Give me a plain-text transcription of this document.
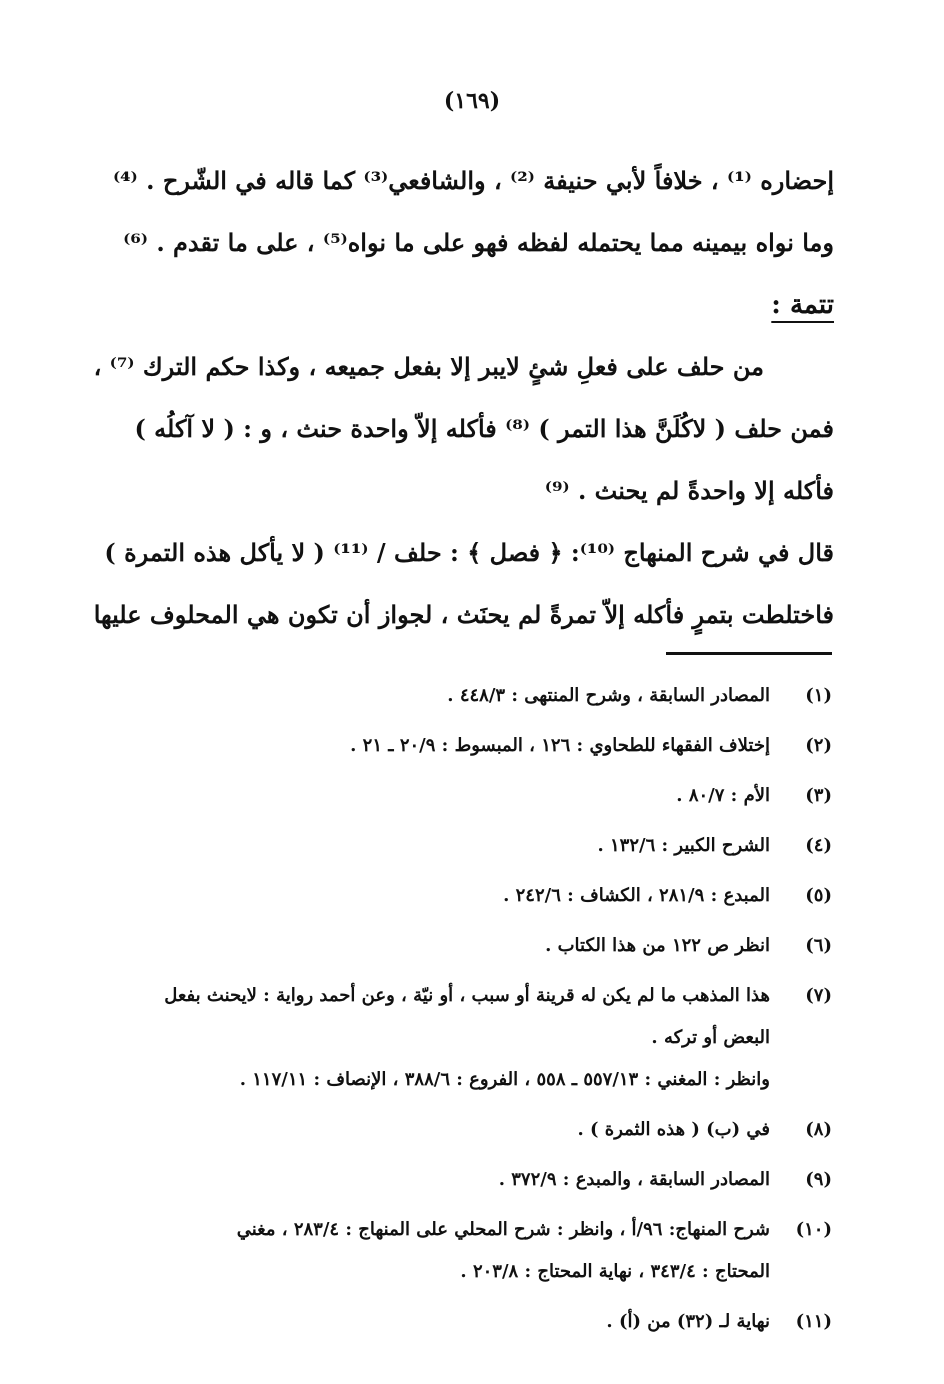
(١٦٩)
إحضاره ⁽¹⁾ ، خلافاً لأبي حنيفة ⁽²⁾ ، والشافعي⁽³⁾ كما قاله في الشّرح . ⁽⁴⁾
وما نواه بيمينه مما يحتمله لفظه فهو على ما نواه⁽⁵⁾ ، على ما تقدم . ⁽⁶⁾
تتمة :
من حلف على فعلِ شئٍ لايبر إلا بفعل جميعه ، وكذا حكم الترك ⁽⁷⁾ ،
فمن حلف ( لاكُلَنَّ هذا التمر ) ⁽⁸⁾ فأكله إلاّ واحدة حنث ، و : ( لا آكلُه )
فأكله إلا واحدةً لم يحنث . ⁽⁹⁾
قال في شرح المنهاج ⁽¹⁰⁾: ﴿ فصل ﴾ : حلف / ⁽¹¹⁾ ( لا يأكل هذه التمرة )
فاختلطت بتمرٍ فأكله إلاّ تمرةً لم يحنَث ، لجواز أن تكون هي المحلوف عليها
(١)
المصادر السابقة ، وشرح المنتهى : ٤٤٨/٣ .
(٢)
إختلاف الفقهاء للطحاوي : ١٢٦ ، المبسوط : ٢٠/٩ ـ ٢١ .
(٣)
الأم : ٨٠/٧ .
(٤)
الشرح الكبير : ١٣٢/٦ .
(٥)
المبدع : ٢٨١/٩ ، الكشاف : ٢٤٢/٦ .
(٦)
انظر ص ١٢٢ من هذا الكتاب .
(٧)
هذا المذهب ما لم يكن له قرينة أو سبب ، أو نيّة ، وعن أحمد رواية : لايحنث بفعل
البعض أو تركه .
وانظر : المغني : ٥٥٧/١٣ ـ ٥٥٨ ، الفروع : ٣٨٨/٦ ، الإنصاف : ١١٧/١١ .
(٨)
في (ب) ( هذه الثمرة ) .
(٩)
المصادر السابقة ، والمبدع : ٣٧٢/٩ .
(١٠)
شرح المنهاج: ٩٦/أ ، وانظر : شرح المحلي على المنهاج : ٢٨٣/٤ ، مغني
المحتاج : ٣٤٣/٤ ، نهاية المحتاج : ٢٠٣/٨ .
(١١)
نهاية لـ (٣٢) من (أ) .
